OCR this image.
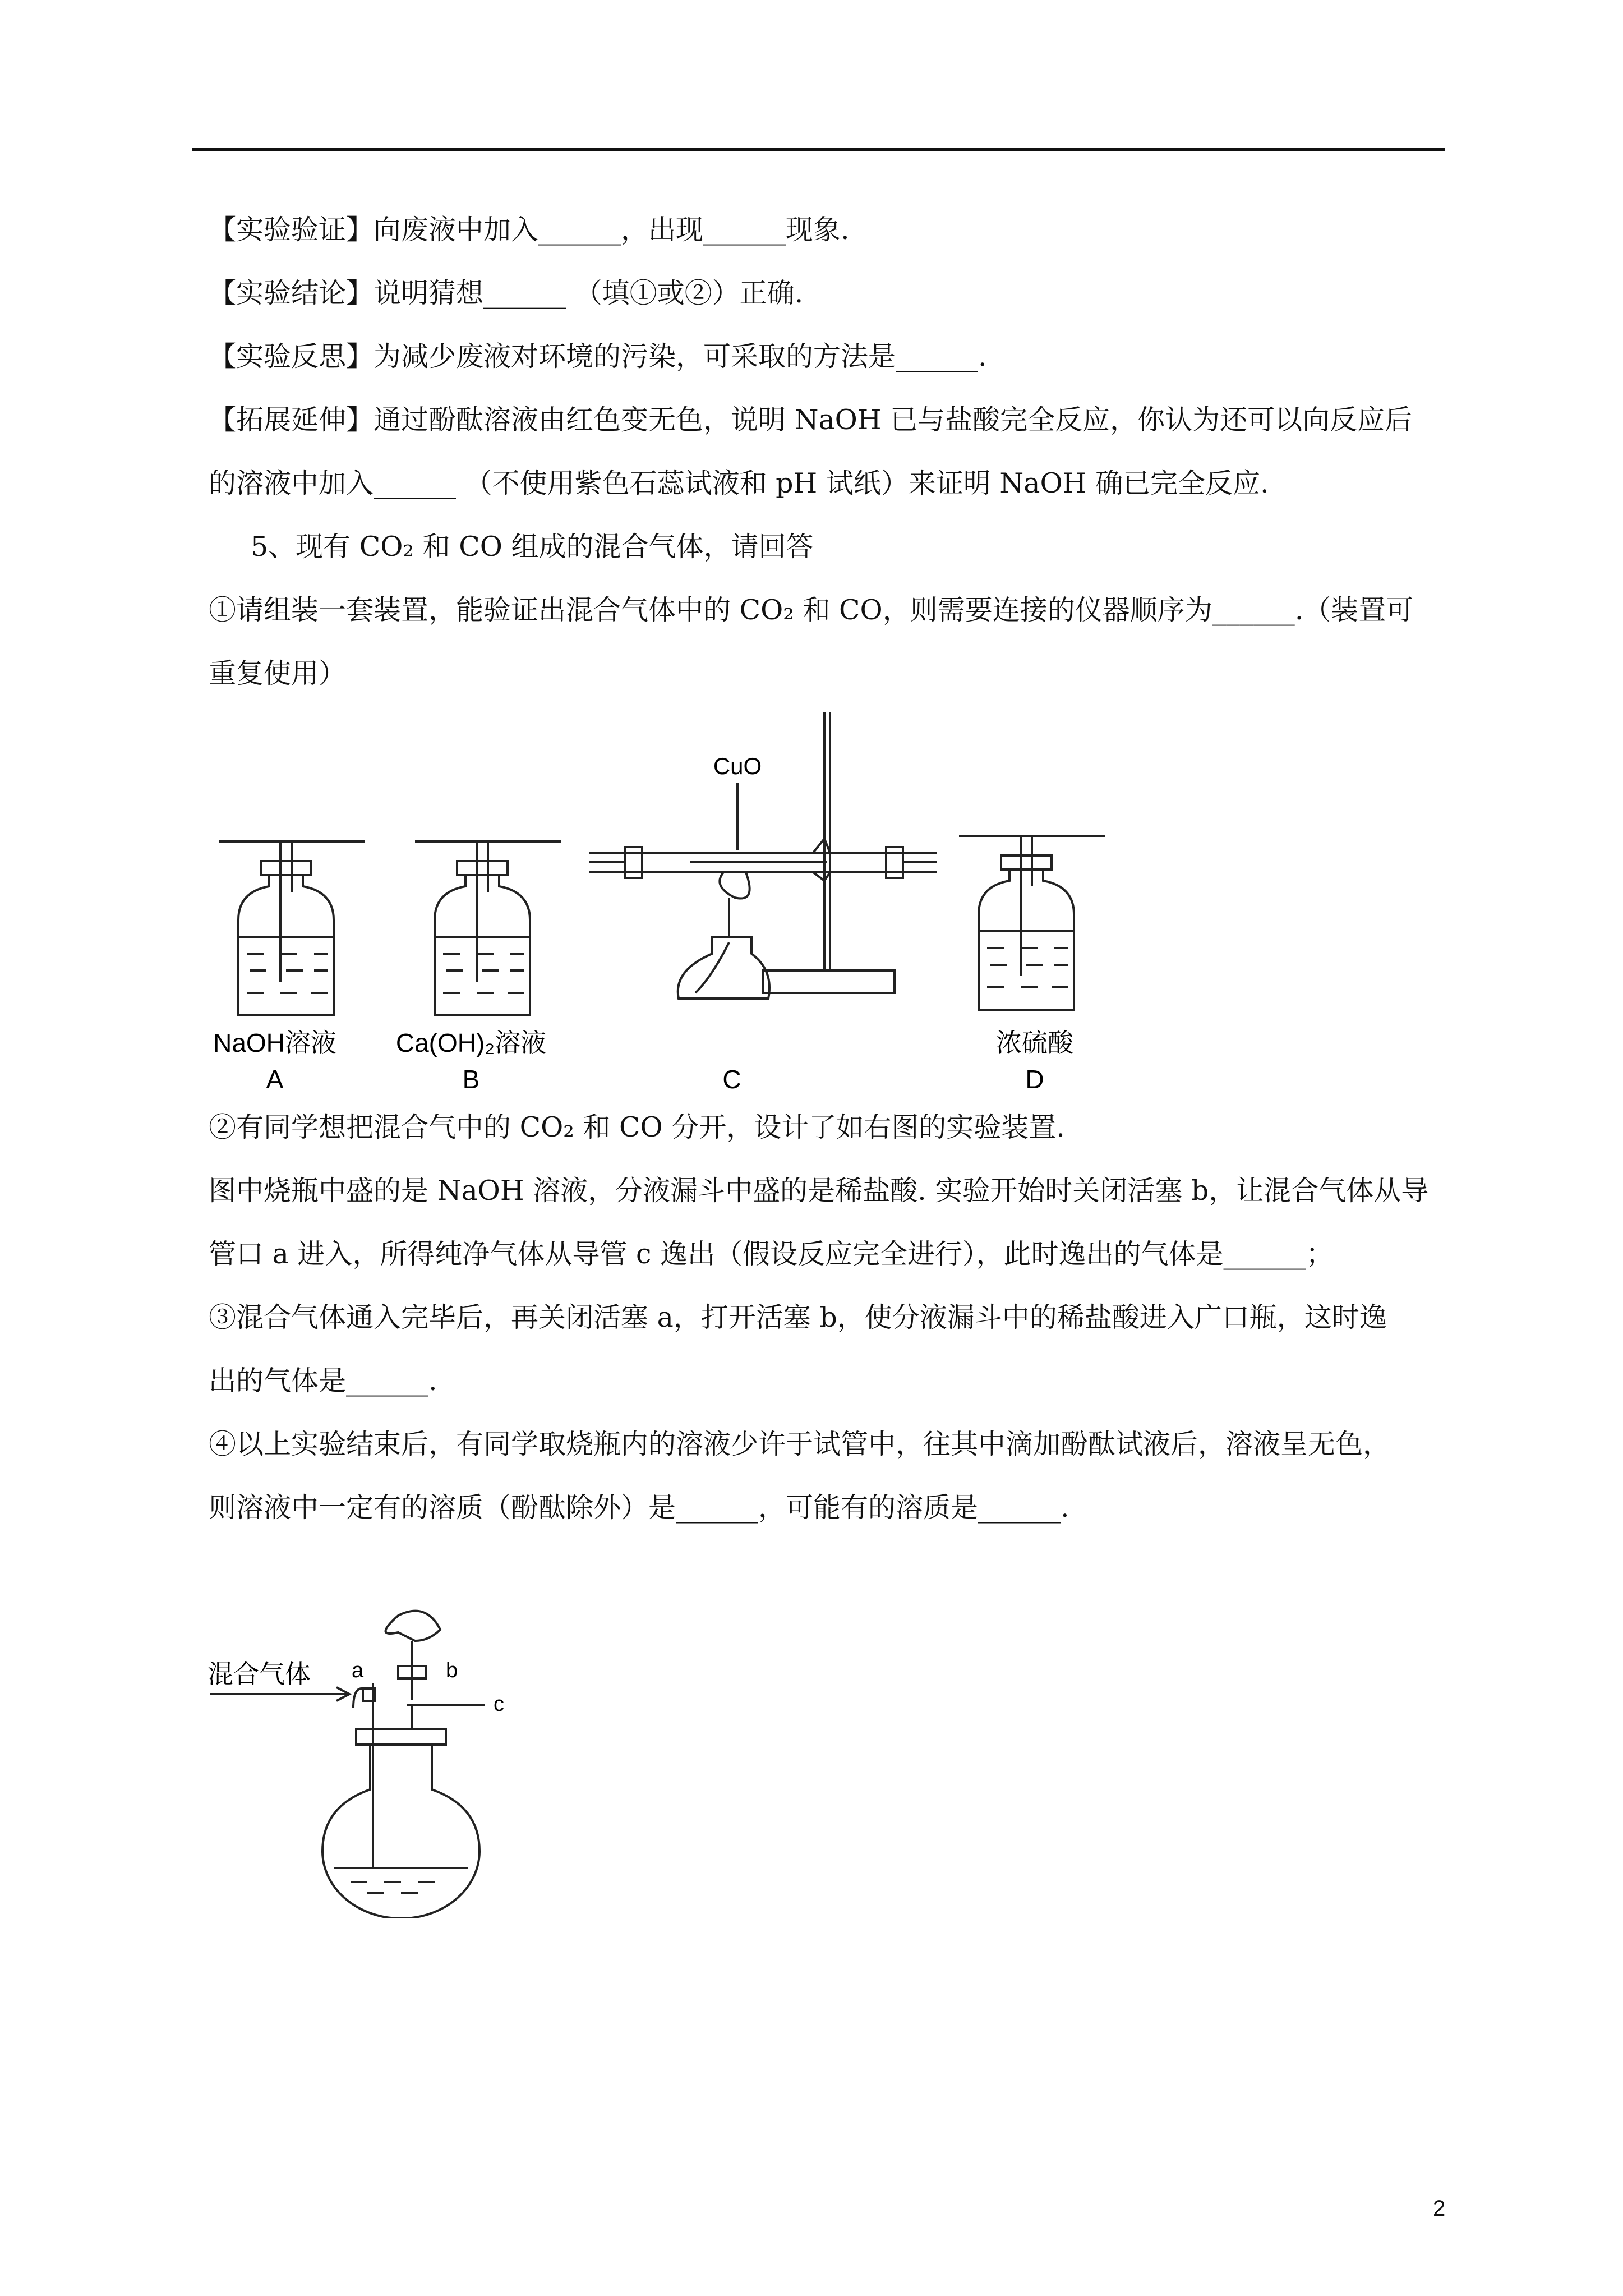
【实验验证】向废液中加入______，出现______现象.
【实验结论】说明猜想______ （填①或②）正确.
【实验反思】为减少废液对环境的污染，可采取的方法是______.
【拓展延伸】通过酚酞溶液由红色变无色，说明 NaOH 已与盐酸完全反应，你认为还可以向反应后
的溶液中加入______ （不使用紫色石蕊试液和 pH 试纸）来证明 NaOH 确已完全反应.
5、现有 CO₂ 和 CO 组成的混合气体，请回答
①请组装一套装置，能验证出混合气体中的 CO₂ 和 CO，则需要连接的仪器顺序为______.（装置可
重复使用）
CuO
NaOH溶液
A
Ca(OH)₂溶液
B	C
浓硫酸
D
②有同学想把混合气中的 CO₂ 和 CO 分开，设计了如右图的实验装置.
图中烧瓶中盛的是 NaOH 溶液，分液漏斗中盛的是稀盐酸. 实验开始时关闭活塞 b，让混合气体从导
管口 a 进入，所得纯净气体从导管 c 逸出（假设反应完全进行），此时逸出的气体是______；
③混合气体通入完毕后，再关闭活塞 a，打开活塞 b，使分液漏斗中的稀盐酸进入广口瓶，这时逸
出的气体是______.
④以上实验结束后，有同学取烧瓶内的溶液少许于试管中，往其中滴加酚酞试液后，溶液呈无色，
则溶液中一定有的溶质（酚酞除外）是______，可能有的溶质是______.
混合气体 a	b
c
2
